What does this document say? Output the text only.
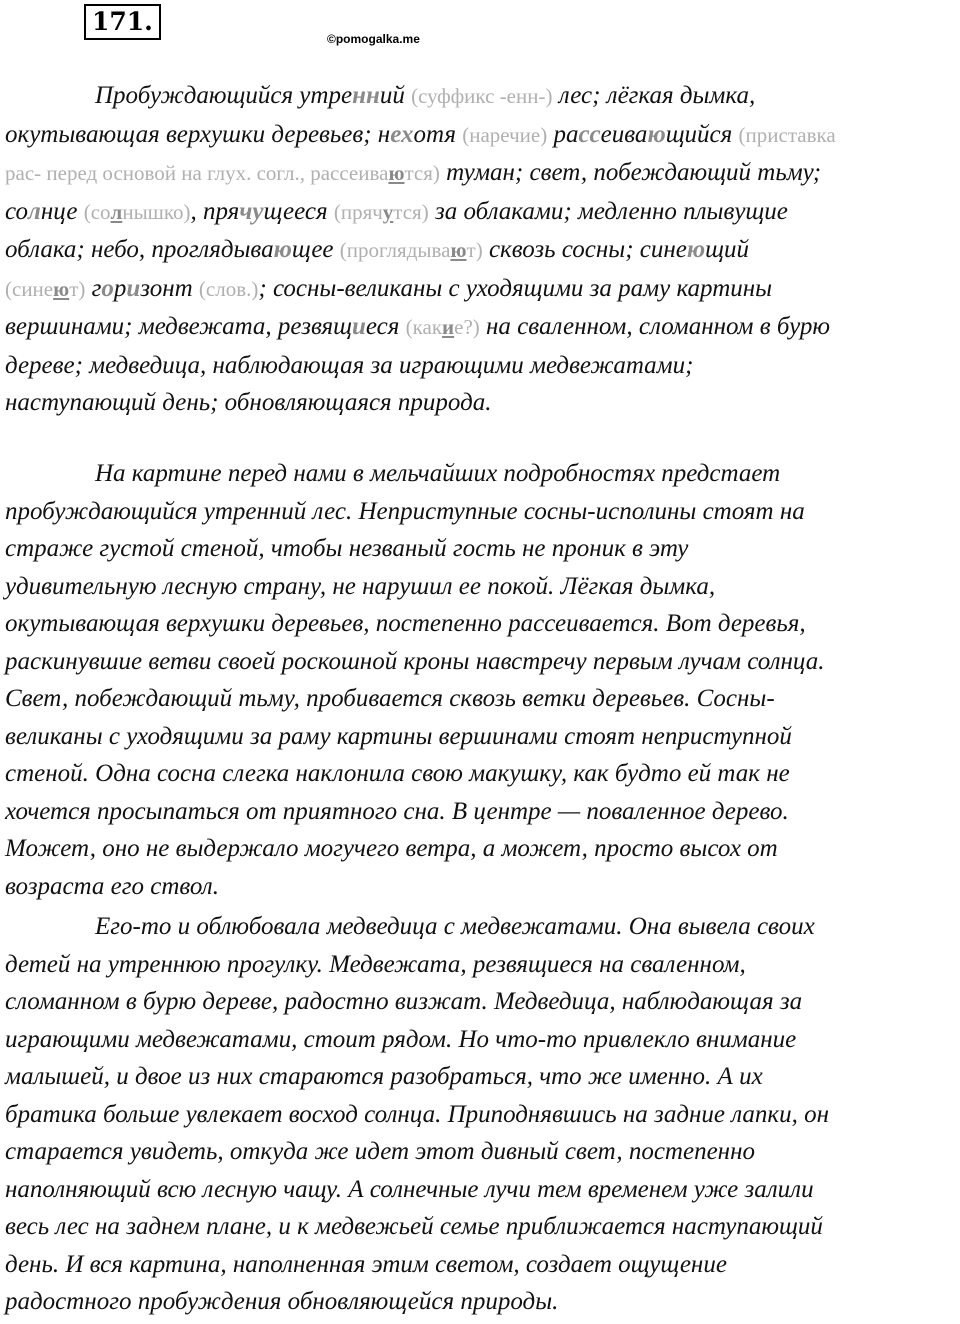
171.
©pomogalka.me
Пробуждающийся утренний (суффикс -енн-) лес; лёгкая дымка,
окутывающая верхушки деревьев; нехотя (наречие) рассеивающийся (приставка
рас- перед основой на глух. согл., рассеиваются) туман; свет, побеждающий тьму;
солнце (солнышко), прячущееся (прячутся) за облаками; медленно плывущие
облака; небо, проглядывающее (проглядывают) сквозь сосны; синеющий
(синеют) горизонт (слов.); сосны-великаны с уходящими за раму картины
вершинами; медвежата, резвящиеся (какие?) на сваленном, сломанном в бурю
дереве; медведица, наблюдающая за играющими медвежатами;
наступающий день; обновляющаяся природа.
На картине перед нами в мельчайших подробностях предстает
пробуждающийся утренний лес. Неприступные сосны-исполины стоят на
страже густой стеной, чтобы незваный гость не проник в эту
удивительную лесную страну, не нарушил ее покой. Лёгкая дымка,
окутывающая верхушки деревьев, постепенно рассеивается. Вот деревья,
раскинувшие ветви своей роскошной кроны навстречу первым лучам солнца.
Свет, побеждающий тьму, пробивается сквозь ветки деревьев. Сосны-
великаны с уходящими за раму картины вершинами стоят неприступной
стеной. Одна сосна слегка наклонила свою макушку, как будто ей так не
хочется просыпаться от приятного сна. В центре — поваленное дерево.
Может, оно не выдержало могучего ветра, а может, просто высох от
возраста его ствол.
Его-то и облюбовала медведица с медвежатами. Она вывела своих
детей на утреннюю прогулку. Медвежата, резвящиеся на сваленном,
сломанном в бурю дереве, радостно визжат. Медведица, наблюдающая за
играющими медвежатами, стоит рядом. Но что-то привлекло внимание
малышей, и двое из них стараются разобраться, что же именно. А их
братика больше увлекает восход солнца. Приподнявшись на задние лапки, он
старается увидеть, откуда же идет этот дивный свет, постепенно
наполняющий всю лесную чащу. А солнечные лучи тем временем уже залили
весь лес на заднем плане, и к медвежьей семье приближается наступающий
день. И вся картина, наполненная этим светом, создает ощущение
радостного пробуждения обновляющейся природы.
